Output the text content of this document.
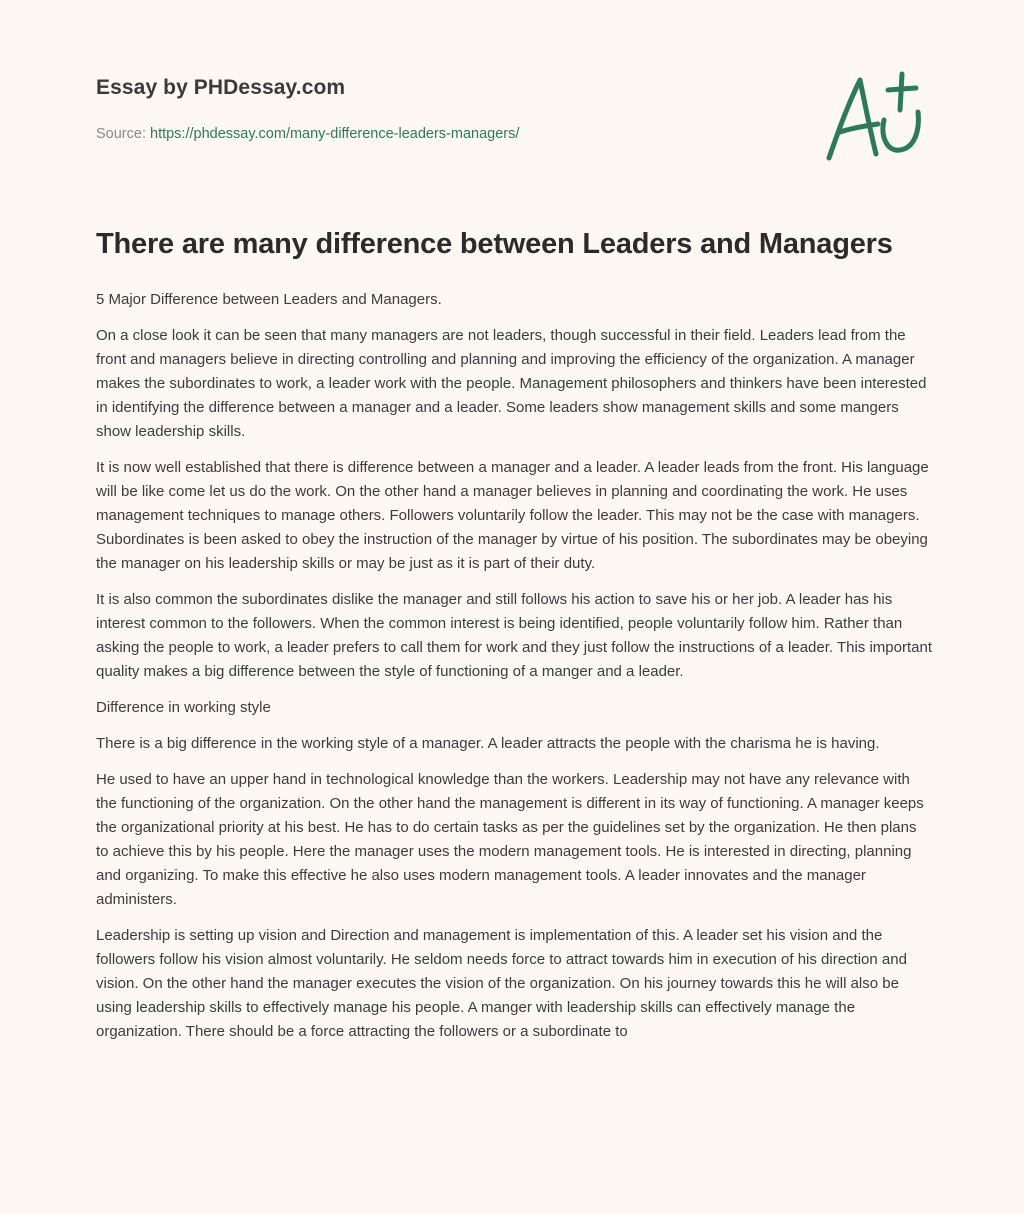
Essay by PHDessay.com

Source: https://phdessay.com/many-difference-leaders-managers/
There are many difference between Leaders and Managers

5 Major Difference between Leaders and Managers.

On a close look it can be seen that many managers are not leaders, though successful in their field. Leaders lead from the front and managers believe in directing controlling and planning and improving the efficiency of the organization. A manager makes the subordinates to work, a leader work with the people. Management philosophers and thinkers have been interested in identifying the difference between a manager and a leader. Some leaders show management skills and some mangers show leadership skills.

It is now well established that there is difference between a manager and a leader. A leader leads from the front. His language will be like come let us do the work. On the other hand a manager believes in planning and coordinating the work. He uses management techniques to manage others. Followers voluntarily follow the leader. This may not be the case with managers. Subordinates is been asked to obey the instruction of the manager by virtue of his position. The subordinates may be obeying the manager on his leadership skills or may be just as it is part of their duty.

It is also common the subordinates dislike the manager and still follows his action to save his or her job. A leader has his interest common to the followers. When the common interest is being identified, people voluntarily follow him. Rather than asking the people to work, a leader prefers to call them for work and they just follow the instructions of a leader. This important quality makes a big difference between the style of functioning of a manger and a leader.

Difference in working style

There is a big difference in the working style of a manager. A leader attracts the people with the charisma he is having.

He used to have an upper hand in technological knowledge than the workers. Leadership may not have any relevance with the functioning of the organization. On the other hand the management is different in its way of functioning. A manager keeps the organizational priority at his best. He has to do certain tasks as per the guidelines set by the organization. He then plans to achieve this by his people. Here the manager uses the modern management tools. He is interested in directing, planning and organizing. To make this effective he also uses modern management tools. A leader innovates and the manager administers.

Leadership is setting up vision and Direction and management is implementation of this. A leader set his vision and the followers follow his vision almost voluntarily. He seldom needs force to attract towards him in execution of his direction and vision. On the other hand the manager executes the vision of the organization. On his journey towards this he will also be using leadership skills to effectively manage his people. A manger with leadership skills can effectively manage the organization. There should be a force attracting the followers or a subordinate to
